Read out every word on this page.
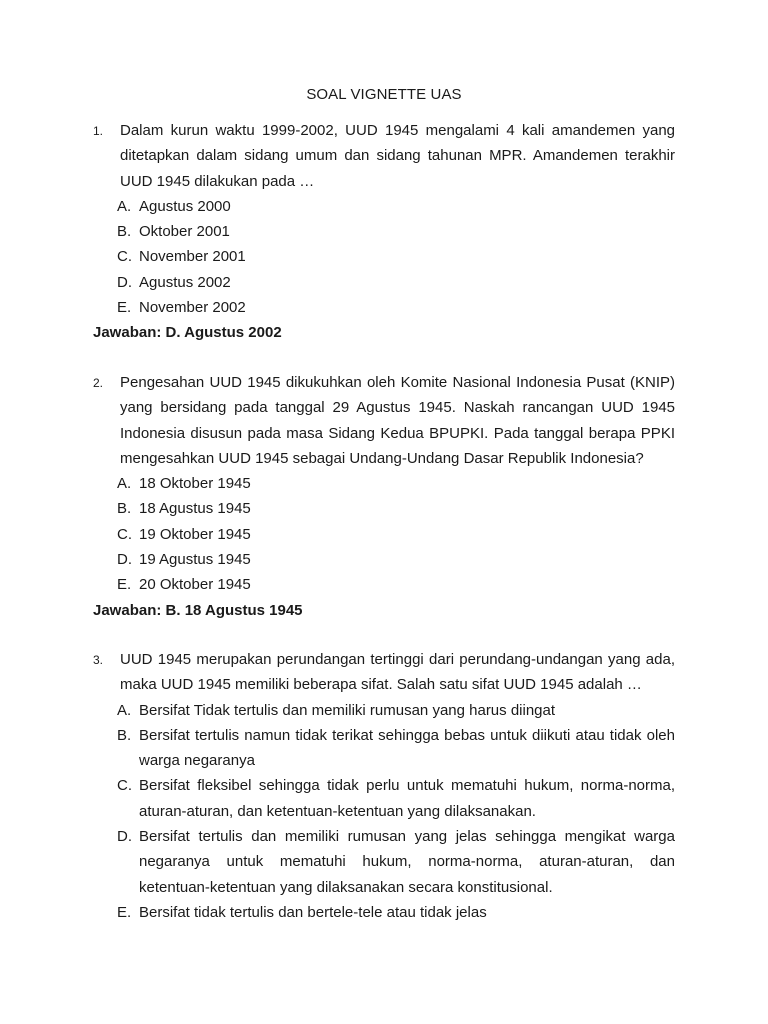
SOAL VIGNETTE UAS
1. Dalam kurun waktu 1999-2002, UUD 1945 mengalami 4 kali amandemen yang ditetapkan dalam sidang umum dan sidang tahunan MPR. Amandemen terakhir UUD 1945 dilakukan pada …
A. Agustus 2000
B. Oktober 2001
C. November 2001
D. Agustus 2002
E. November 2002
Jawaban: D. Agustus 2002
2. Pengesahan UUD 1945 dikukuhkan oleh Komite Nasional Indonesia Pusat (KNIP) yang bersidang pada tanggal 29 Agustus 1945. Naskah rancangan UUD 1945 Indonesia disusun pada masa Sidang Kedua BPUPKI. Pada tanggal berapa PPKI mengesahkan UUD 1945 sebagai Undang-Undang Dasar Republik Indonesia?
A. 18 Oktober 1945
B. 18 Agustus 1945
C. 19 Oktober 1945
D. 19 Agustus 1945
E. 20 Oktober 1945
Jawaban: B. 18 Agustus 1945
3. UUD 1945 merupakan perundangan tertinggi dari perundang-undangan yang ada, maka UUD 1945 memiliki beberapa sifat. Salah satu sifat UUD 1945 adalah …
A. Bersifat Tidak tertulis dan memiliki rumusan yang harus diingat
B. Bersifat tertulis namun tidak terikat sehingga bebas untuk diikuti atau tidak oleh warga negaranya
C. Bersifat fleksibel sehingga tidak perlu untuk mematuhi hukum, norma-norma, aturan-aturan, dan ketentuan-ketentuan yang dilaksanakan.
D. Bersifat tertulis dan memiliki rumusan yang jelas sehingga mengikat warga negaranya untuk mematuhi hukum, norma-norma, aturan-aturan, dan ketentuan-ketentuan yang dilaksanakan secara konstitusional.
E. Bersifat tidak tertulis dan bertele-tele atau tidak jelas
